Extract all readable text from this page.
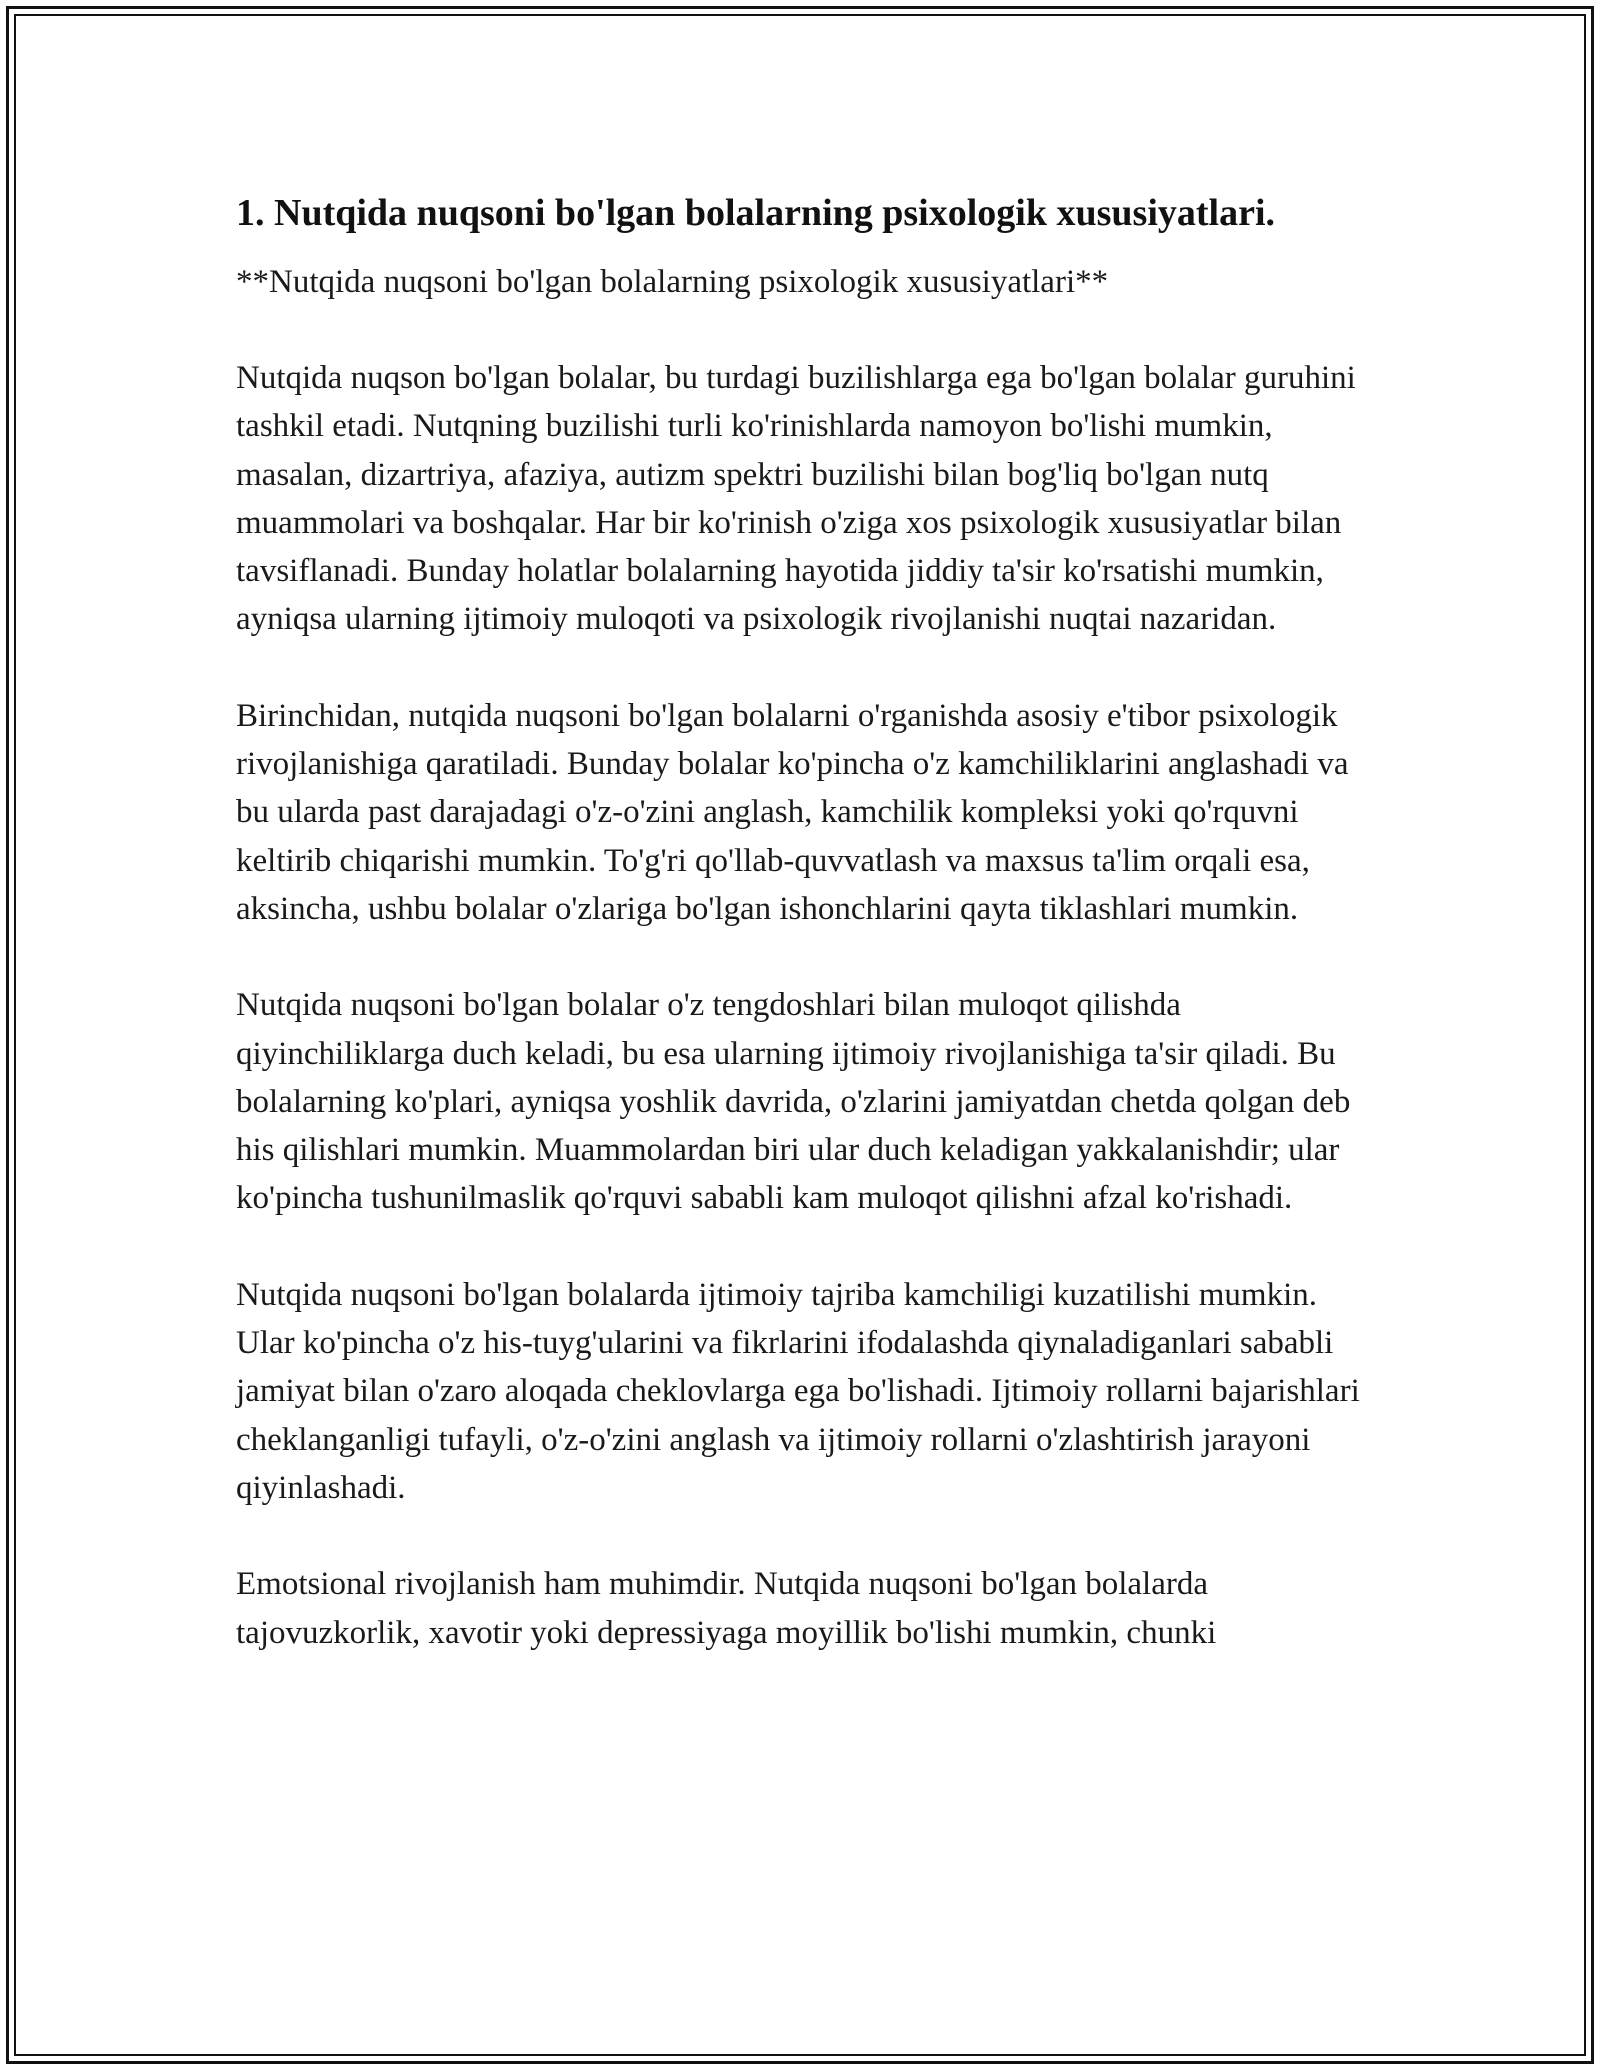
1. Nutqida nuqsoni bo'lgan bolalarning psixologik xususiyatlari.

**Nutqida nuqsoni bo'lgan bolalarning psixologik xususiyatlari**

Nutqida nuqson bo'lgan bolalar, bu turdagi buzilishlarga ega bo'lgan bolalar guruhini tashkil etadi. Nutqning buzilishi turli ko'rinishlarda namoyon bo'lishi mumkin, masalan, dizartriya, afaziya, autizm spektri buzilishi bilan bog'liq bo'lgan nutq muammolari va boshqalar. Har bir ko'rinish o'ziga xos psixologik xususiyatlar bilan tavsiflanadi. Bunday holatlar bolalarning hayotida jiddiy ta'sir ko'rsatishi mumkin, ayniqsa ularning ijtimoiy muloqoti va psixologik rivojlanishi nuqtai nazaridan.

Birinchidan, nutqida nuqsoni bo'lgan bolalarni o'rganishda asosiy e'tibor psixologik rivojlanishiga qaratiladi. Bunday bolalar ko'pincha o'z kamchiliklarini anglashadi va bu ularda past darajadagi o'z-o'zini anglash, kamchilik kompleksi yoki qo'rquvni keltirib chiqarishi mumkin. To'g'ri qo'llab-quvvatlash va maxsus ta'lim orqali esa, aksincha, ushbu bolalar o'zlariga bo'lgan ishonchlarini qayta tiklashlari mumkin.

Nutqida nuqsoni bo'lgan bolalar o'z tengdoshlari bilan muloqot qilishda qiyinchiliklarga duch keladi, bu esa ularning ijtimoiy rivojlanishiga ta'sir qiladi. Bu bolalarning ko'plari, ayniqsa yoshlik davrida, o'zlarini jamiyatdan chetda qolgan deb his qilishlari mumkin. Muammolardan biri ular duch keladigan yakkalanishdir; ular ko'pincha tushunilmaslik qo'rquvi sababli kam muloqot qilishni afzal ko'rishadi.

Nutqida nuqsoni bo'lgan bolalarda ijtimoiy tajriba kamchiligi kuzatilishi mumkin. Ular ko'pincha o'z his-tuyg'ularini va fikrlarini ifodalashda qiynaladiganlari sababli jamiyat bilan o'zaro aloqada cheklovlarga ega bo'lishadi. Ijtimoiy rollarni bajarishlari cheklanganligi tufayli, o'z-o'zini anglash va ijtimoiy rollarni o'zlashtirish jarayoni qiyinlashadi.

Emotsional rivojlanish ham muhimdir. Nutqida nuqsoni bo'lgan bolalarda tajovuzkorlik, xavotir yoki depressiyaga moyillik bo'lishi mumkin, chunki
